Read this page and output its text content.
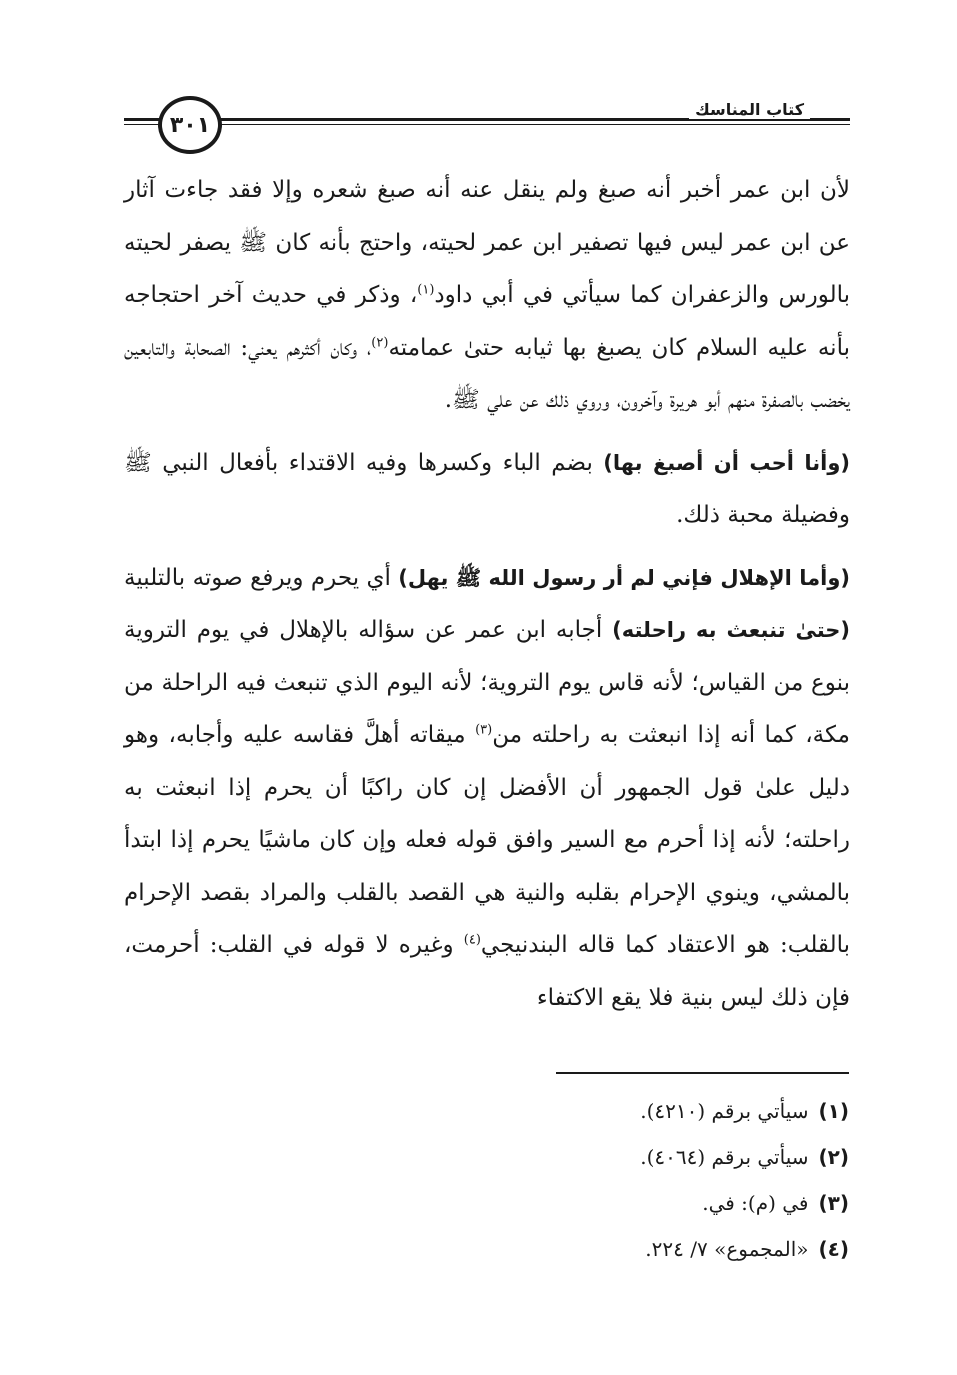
٣٠١
كتاب المناسك

لأن ابن عمر أخبر أنه صبغ ولم ينقل عنه أنه صبغ شعره وإلا فقد جاءت آثار عن ابن عمر ليس فيها تصفير ابن عمر لحيته، واحتج بأنه كان ﷺ يصفر لحيته بالورس والزعفران كما سيأتي في أبي داود$^{(١)}$، وذكر في حديث آخر احتجاجه بأنه عليه السلام كان يصبغ بها ثيابه حتىٰ عمامته$^{(٢)}$، وكان أكثرهم يعني: الصحابة والتابعين يخضب بالصفرة منهم أبو هريرة وآخرون، وروي ذلك عن علي ﷺ.

(وأنا أحب أن أصبغ بها) بضم الباء وكسرها وفيه الاقتداء بأفعال النبي ﷺ وفضيلة محبة ذلك.

(وأما الإهلال فإني لم أر رسول الله ﷺ يهل) أي يحرم ويرفع صوته بالتلبية (حتىٰ تنبعث به راحلته) أجابه ابن عمر عن سؤاله بالإهلال في يوم التروية بنوع من القياس؛ لأنه قاس يوم التروية؛ لأنه اليوم الذي تنبعث فيه الراحلة من مكة، كما أنه إذا انبعثت به راحلته من$^{(٣)}$ ميقاته أهلَّ فقاسه عليه وأجابه، وهو دليل علىٰ قول الجمهور أن الأفضل إن كان راكبًا أن يحرم إذا انبعثت به راحلته؛ لأنه إذا أحرم مع السير وافق قوله فعله وإن كان ماشيًا يحرم إذا ابتدأ بالمشي، وينوي الإحرام بقلبه والنية هي القصد بالقلب والمراد بقصد الإحرام بالقلب: هو الاعتقاد كما قاله البندنيجي$^{(٤)}$ وغيره لا قوله في القلب: أحرمت، فإن ذلك ليس بنية فلا يقع الاكتفاء

(١)سيأتي برقم (٤٢١٠).
(٢)سيأتي برقم (٤٠٦٤).
(٣)في (م): في.
(٤)«المجموع» ٧/ ٢٢٤.
